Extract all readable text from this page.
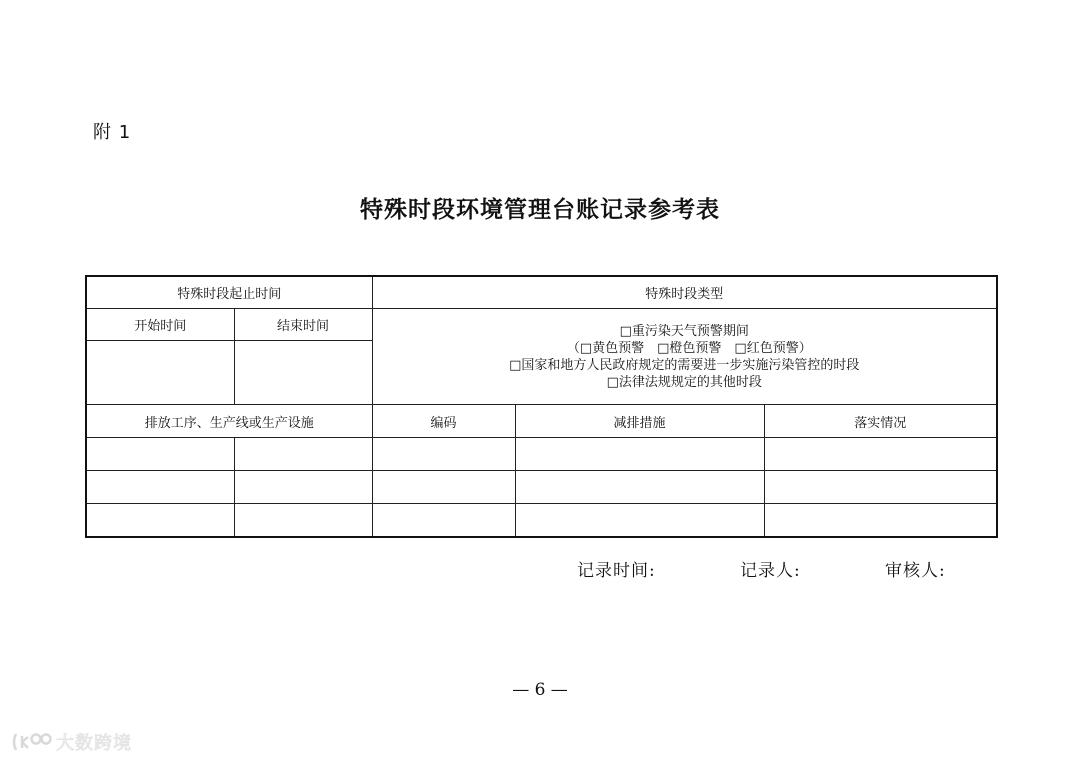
附 1
特殊时段环境管理台账记录参考表
特殊时段起止时间		特殊时段类型		
开始时间	结束时间	□重污染天气预警期间
（□黄色预警　□橙色预警　□红色预警）
□国家和地方人民政府规定的需要进一步实施污染管控的时段
□法律法规规定的其他时段		

排放工序、生产线或生产设施		编码	减排措施	落实情况

记录时间:	记录人:	审核人:
— 6 —
大数跨境
